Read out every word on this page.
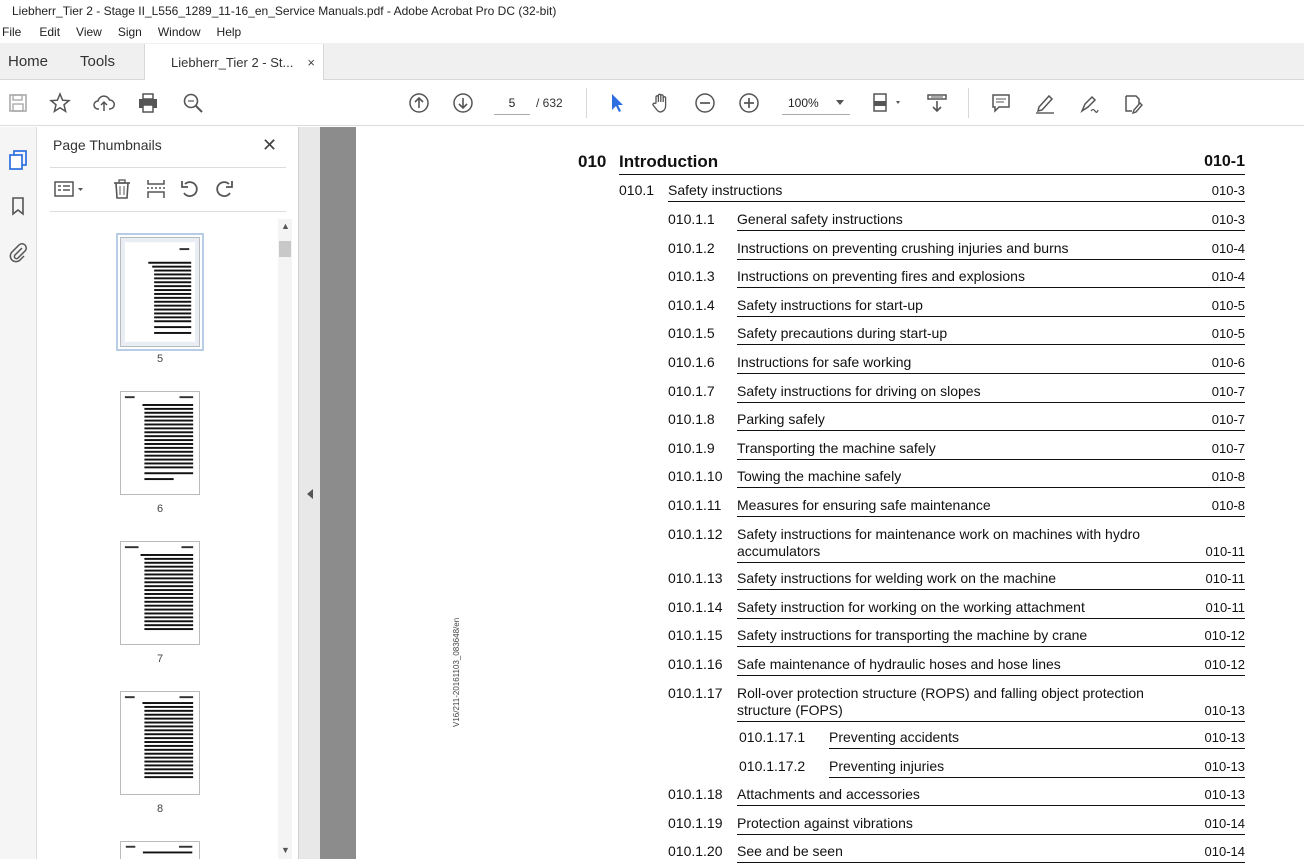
Liebherr_Tier 2 - Stage II_L556_1289_11-16_en_Service Manuals.pdf - Adobe Acrobat Pro DC (32-bit)
File	Edit	View	Sign	Window	Help
Home	Tools	Liebherr_Tier 2 - St... ×
5	/ 632	100%
Page Thumbnails	✕
5
6
7
8
▲
▼
V16/211-20161103_083648/en
010 Introduction	010-1
010.1 Safety instructions	010-3
010.1.1 General safety instructions	010-3
010.1.2 Instructions on preventing crushing injuries and burns	010-4
010.1.3 Instructions on preventing fires and explosions	010-4
010.1.4 Safety instructions for start-up	010-5
010.1.5 Safety precautions during start-up	010-5
010.1.6 Instructions for safe working	010-6
010.1.7 Safety instructions for driving on slopes	010-7
010.1.8 Parking safely	010-7
010.1.9 Transporting the machine safely	010-7
010.1.10 Towing the machine safely	010-8
010.1.11 Measures for ensuring safe maintenance	010-8
010.1.12 Safety instructions for maintenance work on machines with hydro
accumulators	010-11
010.1.13 Safety instructions for welding work on the machine	010-11
010.1.14 Safety instruction for working on the working attachment	010-11
010.1.15 Safety instructions for transporting the machine by crane	010-12
010.1.16 Safe maintenance of hydraulic hoses and hose lines	010-12
010.1.17 Roll-over protection structure (ROPS) and falling object protection
structure (FOPS)	010-13
010.1.17.1 Preventing accidents	010-13
010.1.17.2 Preventing injuries	010-13
010.1.18 Attachments and accessories	010-13
010.1.19 Protection against vibrations	010-14
010.1.20 See and be seen	010-14
